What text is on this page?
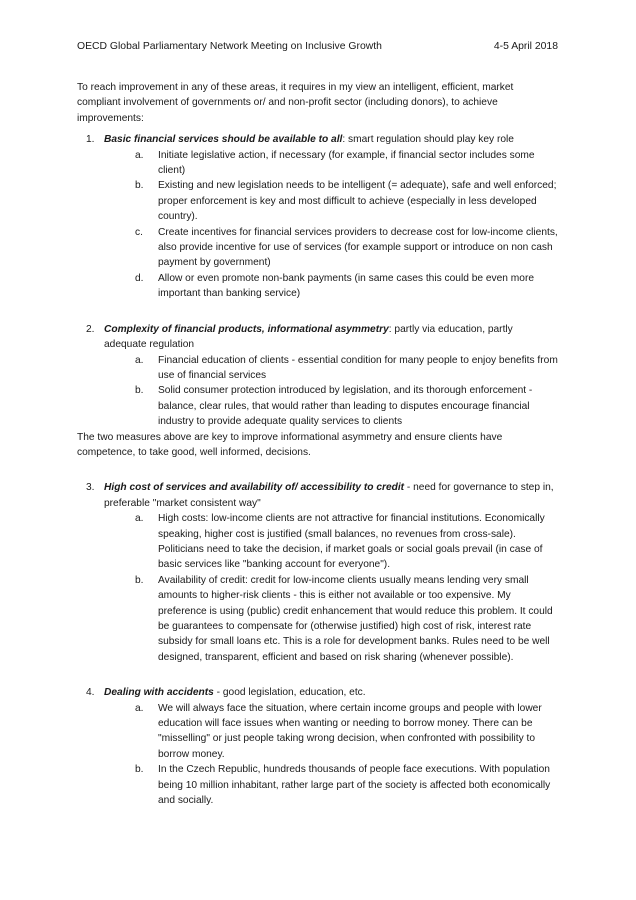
OECD Global Parliamentary Network Meeting on Inclusive Growth	4-5 April 2018

To reach improvement in any of these areas, it requires in my view an intelligent, efficient, market compliant involvement of governments or/ and non-profit sector (including donors), to achieve improvements:

1. Basic financial services should be available to all: smart regulation should play key role
a. Initiate legislative action, if necessary (for example, if financial sector includes some client)
b. Existing and new legislation needs to be intelligent (= adequate), safe and well enforced; proper enforcement is key and most difficult to achieve (especially in less developed country).
c. Create incentives for financial services providers to decrease cost for low-income clients, also provide incentive for use of services (for example support or introduce on non cash payment by government)
d. Allow or even promote non-bank payments (in same cases this could be even more important than banking service)
2. Complexity of financial products, informational asymmetry: partly via education, partly adequate regulation
a. Financial education of clients - essential condition for many people to enjoy benefits from use of financial services
b. Solid consumer protection introduced by legislation, and its thorough enforcement - balance, clear rules, that would rather than leading to disputes encourage financial industry to provide adequate quality services to clients

The two measures above are key to improve informational asymmetry and ensure clients have competence, to take good, well informed, decisions.

3. High cost of services and availability of/ accessibility to credit - need for governance to step in, preferable "market consistent way"
a. High costs: low-income clients are not attractive for financial institutions. Economically speaking, higher cost is justified (small balances, no revenues from cross-sale). Politicians need to take the decision, if market goals or social goals prevail (in case of basic services like "banking account for everyone").
b. Availability of credit: credit for low-income clients usually means lending very small amounts to higher-risk clients - this is either not available or too expensive. My preference is using (public) credit enhancement that would reduce this problem. It could be guarantees to compensate for (otherwise justified) high cost of risk, interest rate subsidy for small loans etc. This is a role for development banks. Rules need to be well designed, transparent, efficient and based on risk sharing (whenever possible).
4. Dealing with accidents - good legislation, education, etc.
a. We will always face the situation, where certain income groups and people with lower education will face issues when wanting or needing to borrow money. There can be "misselling" or just people taking wrong decision, when confronted with possibility to borrow money.
b. In the Czech Republic, hundreds thousands of people face executions. With population being 10 million inhabitant, rather large part of the society is affected both economically and socially.
